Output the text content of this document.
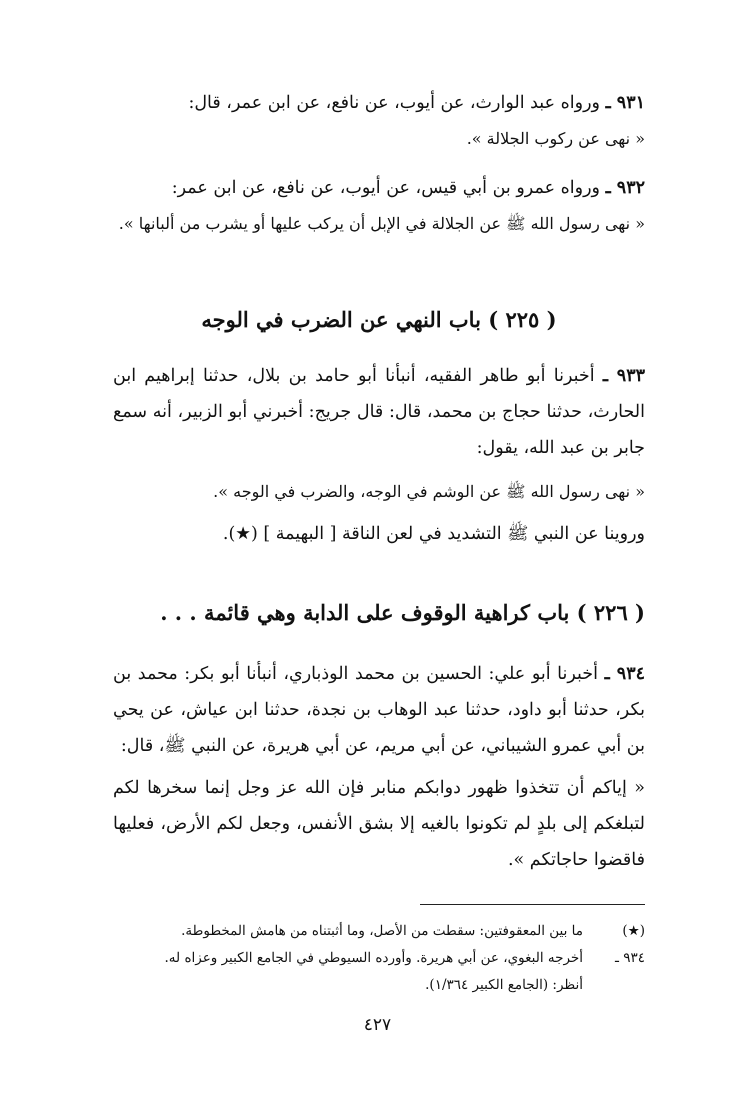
٩٣١ ـ ورواه عبد الوارث، عن أيوب، عن نافع، عن ابن عمر، قال:

« نهى عن ركوب الجلالة ».

٩٣٢ ـ ورواه عمرو بن أبي قيس، عن أيوب، عن نافع، عن ابن عمر:

« نهى رسول الله ﷺ عن الجلالة في الإبل أن يركب عليها أو يشرب من ألبانها ».

( ٢٢٥ ) باب النهي عن الضرب في الوجه

٩٣٣ ـ أخبرنا أبو طاهر الفقيه، أنبأنا أبو حامد بن بلال، حدثنا إبراهيم ابن الحارث، حدثنا حجاج بن محمد، قال: قال جريج: أخبرني أبو الزبير، أنه سمع جابر بن عبد الله، يقول:

« نهى رسول الله ﷺ عن الوشم في الوجه، والضرب في الوجه ».

وروينا عن النبي ﷺ التشديد في لعن الناقة [ البهيمة ] (★).

( ٢٢٦ ) باب كراهية الوقوف على الدابة وهي قائمة . . .

٩٣٤ ـ أخبرنا أبو علي: الحسين بن محمد الوذباري، أنبأنا أبو بكر: محمد بن بكر، حدثنا أبو داود، حدثنا عبد الوهاب بن نجدة، حدثنا ابن عياش، عن يحي بن أبي عمرو الشيباني، عن أبي مريم، عن أبي هريرة، عن النبي ﷺ، قال:

« إياكم أن تتخذوا ظهور دوابكم منابر فإن الله عز وجل إنما سخرها لكم لتبلغكم إلى بلدٍ لم تكونوا بالغيه إلا بشق الأنفس، وجعل لكم الأرض، فعليها فاقضوا حاجاتكم ».

(★)
ما بين المعقوفتين: سقطت من الأصل، وما أثبتناه من هامش المخطوطة.
٩٣٤ ـ
أخرجه البغوي، عن أبي هريرة. وأورده السيوطي في الجامع الكبير وعزاه له.
أنظر: (الجامع الكبير ١/٣٦٤).
٤٢٧
